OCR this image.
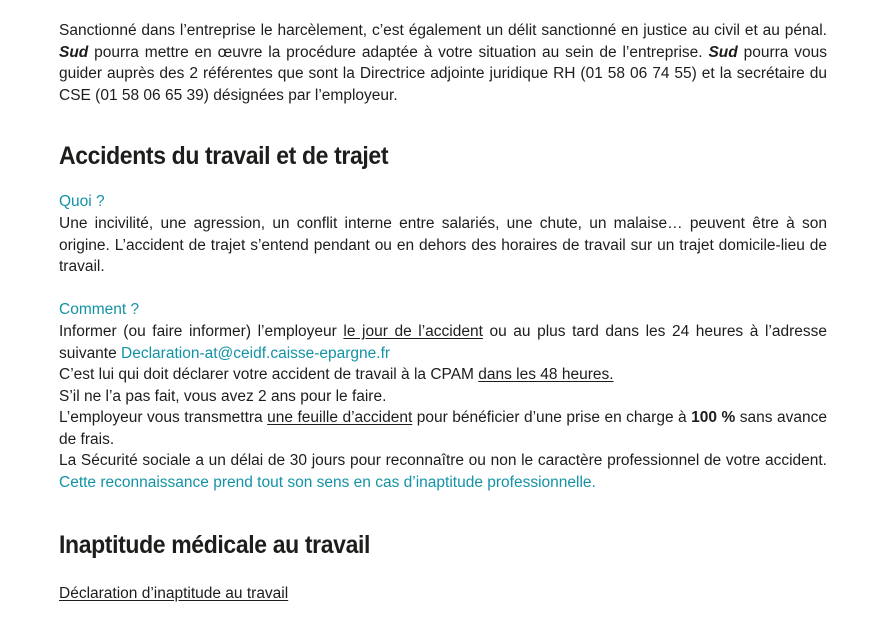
Sanctionné dans l’entreprise le harcèlement, c’est également un délit sanctionné en justice au civil et au pénal. Sud pourra mettre en œuvre la procédure adaptée à votre situation au sein de l’entreprise. Sud pourra vous guider auprès des 2 référentes que sont la Directrice adjointe juridique RH (01 58 06 74 55) et la secrétaire du CSE (01 58 06 65 39) désignées par l’employeur.

Accidents du travail et de trajet

Quoi ?

Une incivilité, une agression, un conflit interne entre salariés, une chute, un malaise… peuvent être à son origine. L’accident de trajet s’entend pendant ou en dehors des horaires de travail sur un trajet domicile-lieu de travail.

Comment ?

Informer (ou faire informer) l’employeur le jour de l’accident ou au plus tard dans les 24 heures à l’adresse suivante Declaration-at@ceidf.caisse-epargne.fr

C’est lui qui doit déclarer votre accident de travail à la CPAM dans les 48 heures.

S’il ne l’a pas fait, vous avez 2 ans pour le faire.

L’employeur vous transmettra une feuille d’accident pour bénéficier d’une prise en charge à 100 % sans avance de frais.

La Sécurité sociale a un délai de 30 jours pour reconnaître ou non le caractère professionnel de votre accident. Cette reconnaissance prend tout son sens en cas d’inaptitude professionnelle.

Inaptitude médicale au travail

Déclaration d’inaptitude au travail
